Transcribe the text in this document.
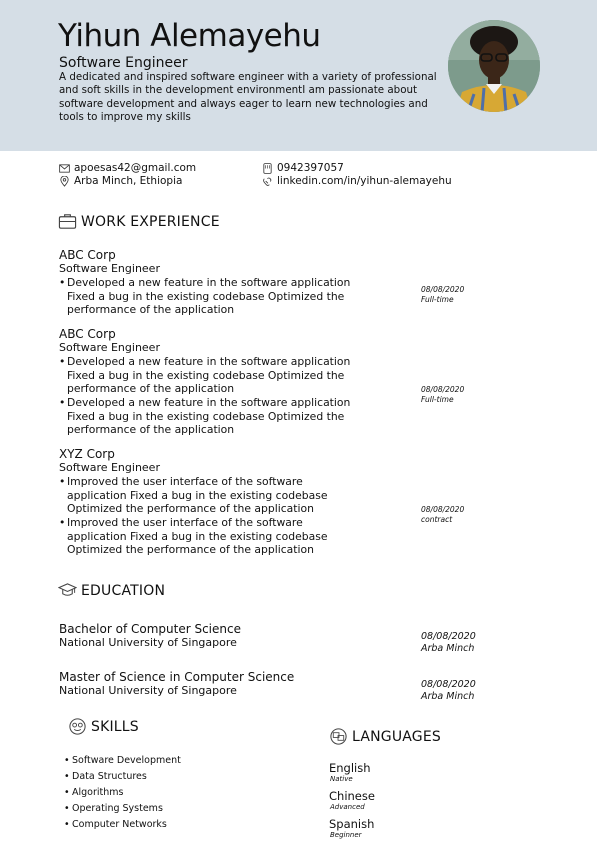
Yihun Alemayehu
Software Engineer
A dedicated and inspired software engineer with a variety of professional and soft skills in the development environmentI am passionate about software development and always eager to learn new technologies and tools to improve my skills
apoesas42@gmail.com
Arba Minch, Ethiopia
0942397057
linkedin.com/in/yihun-alemayehu
WORK EXPERIENCE
ABC Corp
Software Engineer
• Developed a new feature in the software application Fixed a bug in the existing codebase Optimized the performance of the application
08/08/2020
Full-time
ABC Corp
Software Engineer
• Developed a new feature in the software application Fixed a bug in the existing codebase Optimized the performance of the application
• Developed a new feature in the software application Fixed a bug in the existing codebase Optimized the performance of the application
08/08/2020
Full-time
XYZ Corp
Software Engineer
• Improved the user interface of the software application Fixed a bug in the existing codebase Optimized the performance of the application
• Improved the user interface of the software application Fixed a bug in the existing codebase Optimized the performance of the application
08/08/2020
contract
EDUCATION
Bachelor of Computer Science
National University of Singapore	08/08/2020
Arba Minch
Master of Science in Computer Science
National University of Singapore	08/08/2020
Arba Minch
SKILLS
• Software Development
• Data Structures
• Algorithms
• Operating Systems
• Computer Networks
LANGUAGES
English
Native
Chinese
Advanced
Spanish
Beginner
